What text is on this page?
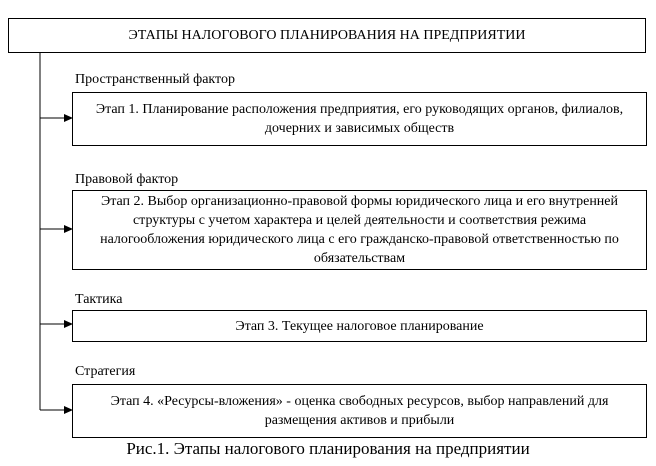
ЭТАПЫ НАЛОГОВОГО ПЛАНИРОВАНИЯ НА ПРЕДПРИЯТИИ
Пространственный фактор
Этап 1. Планирование расположения предприятия, его руководящих органов, филиалов, дочерних и зависимых обществ
Правовой фактор
Этап 2. Выбор организационно-правовой формы юридического лица и его внутренней структуры с учетом характера и целей деятельности и соответствия режима налогообложения юридического лица с его гражданско-правовой ответственностью по обязательствам
Тактика
Этап 3. Текущее налоговое планирование
Стратегия
Этап 4. «Ресурсы-вложения» - оценка свободных ресурсов, выбор направлений для размещения активов и прибыли
Рис.1. Этапы налогового планирования на предприятии
